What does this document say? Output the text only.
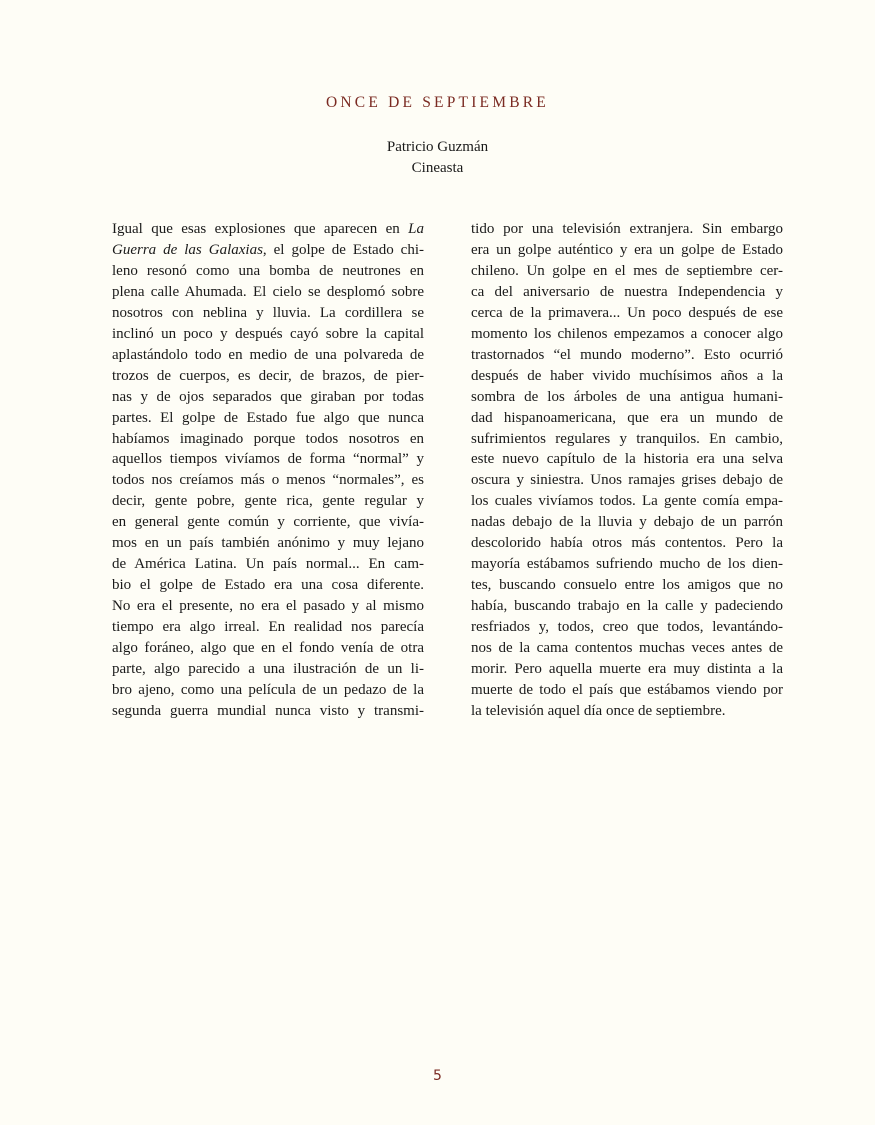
ONCE DE SEPTIEMBRE
Patricio Guzmán
Cineasta
Igual que esas explosiones que aparecen en La
Guerra de las Galaxias, el golpe de Estado chi-
leno resonó como una bomba de neutrones en
plena calle Ahumada. El cielo se desplomó sobre
nosotros con neblina y lluvia. La cordillera se
inclinó un poco y después cayó sobre la capital
aplastándolo todo en medio de una polvareda de
trozos de cuerpos, es decir, de brazos, de pier-
nas y de ojos separados que giraban por todas
partes. El golpe de Estado fue algo que nunca
habíamos imaginado porque todos nosotros en
aquellos tiempos vivíamos de forma “normal” y
todos nos creíamos más o menos “normales”, es
decir, gente pobre, gente rica, gente regular y
en general gente común y corriente, que vivía-
mos en un país también anónimo y muy lejano
de América Latina. Un país normal... En cam-
bio el golpe de Estado era una cosa diferente.
No era el presente, no era el pasado y al mismo
tiempo era algo irreal. En realidad nos parecía
algo foráneo, algo que en el fondo venía de otra
parte, algo parecido a una ilustración de un li-
bro ajeno, como una película de un pedazo de la
segunda guerra mundial nunca visto y transmi-
tido por una televisión extranjera. Sin embargo
era un golpe auténtico y era un golpe de Estado
chileno. Un golpe en el mes de septiembre cer-
ca del aniversario de nuestra Independencia y
cerca de la primavera... Un poco después de ese
momento los chilenos empezamos a conocer algo
trastornados “el mundo moderno”. Esto ocurrió
después de haber vivido muchísimos años a la
sombra de los árboles de una antigua humani-
dad hispanoamericana, que era un mundo de
sufrimientos regulares y tranquilos. En cambio,
este nuevo capítulo de la historia era una selva
oscura y siniestra. Unos ramajes grises debajo de
los cuales vivíamos todos. La gente comía empa-
nadas debajo de la lluvia y debajo de un parrón
descolorido había otros más contentos. Pero la
mayoría estábamos sufriendo mucho de los dien-
tes, buscando consuelo entre los amigos que no
había, buscando trabajo en la calle y padeciendo
resfriados y, todos, creo que todos, levantándo-
nos de la cama contentos muchas veces antes de
morir. Pero aquella muerte era muy distinta a la
muerte de todo el país que estábamos viendo por
la televisión aquel día once de septiembre.
5
